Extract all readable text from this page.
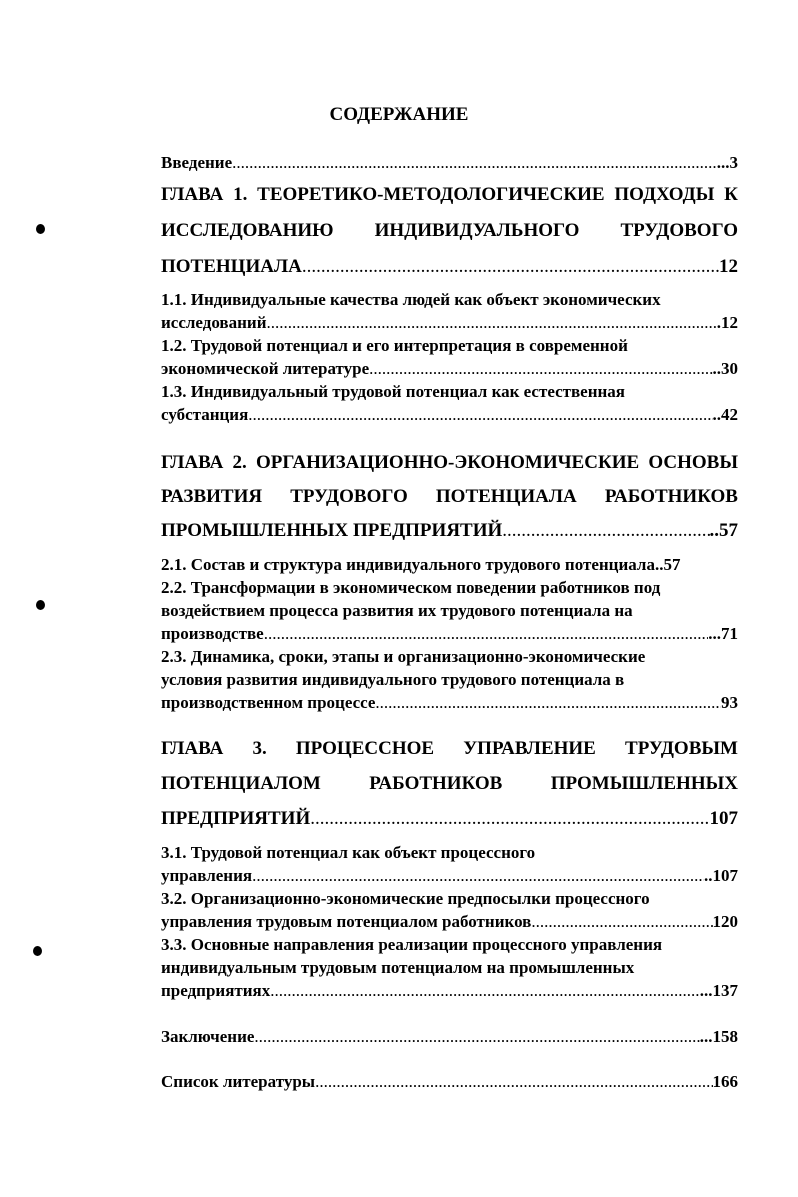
СОДЕРЖАНИЕ
Введение .....	...3
ГЛАВА 1. ТЕОРЕТИКО-МЕТОДОЛОГИЧЕСКИЕ ПОДХОДЫ К
ИССЛЕДОВАНИЮ ИНДИВИДУАЛЬНОГО ТРУДОВОГО
ПОТЕНЦИАЛА .....	12
1.1. Индивидуальные качества людей как объект экономических
исследований .....	.12
1.2. Трудовой потенциал и его интерпретация в современной
экономической литературе .....	..30
1.3. Индивидуальный трудовой потенциал как естественная
субстанция .....	..42
ГЛАВА 2. ОРГАНИЗАЦИОННО-ЭКОНОМИЧЕСКИЕ ОСНОВЫ
РАЗВИТИЯ ТРУДОВОГО ПОТЕНЦИАЛА РАБОТНИКОВ
ПРОМЫШЛЕННЫХ ПРЕДПРИЯТИЙ .....	..57
2.1. Состав и структура индивидуального трудового потенциала..57
2.2. Трансформации в экономическом поведении работников под
воздействием процесса развития их трудового потенциала на
производстве .....	...71
2.3. Динамика, сроки, этапы и организационно-экономические
условия развития индивидуального трудового потенциала в
производственном процессе .....	93
ГЛАВА 3. ПРОЦЕССНОЕ УПРАВЛЕНИЕ ТРУДОВЫМ
ПОТЕНЦИАЛОМ	РАБОТНИКОВ	ПРОМЫШЛЕННЫХ
ПРЕДПРИЯТИЙ .....	107
3.1. Трудовой потенциал как объект процессного
управления .....	..107
3.2. Организационно-экономические предпосылки процессного
управления трудовым потенциалом работников .....	120
3.3. Основные направления реализации процессного управления
индивидуальным трудовым потенциалом на промышленных
предприятиях .....	...137
Заключение .....	...158
Список литературы .....	166
